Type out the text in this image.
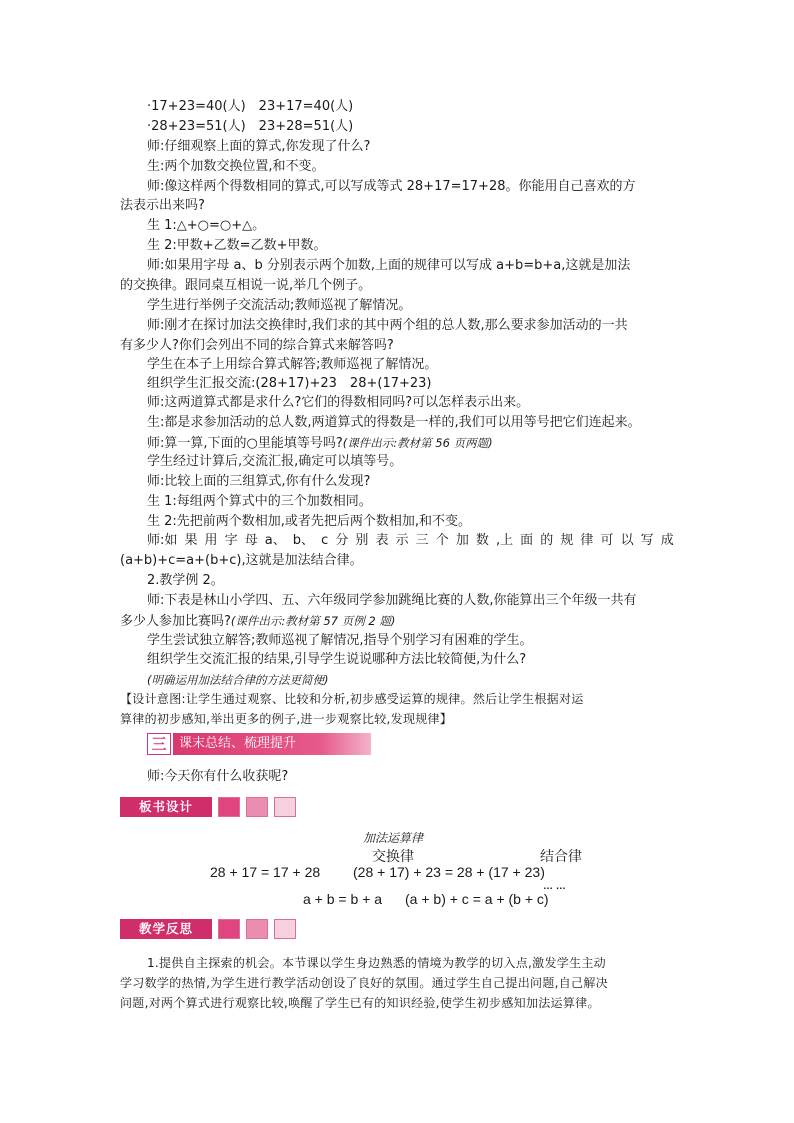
·17+23=40(人)　23+17=40(人)
·28+23=51(人)　23+28=51(人)
师:仔细观察上面的算式,你发现了什么?
生:两个加数交换位置,和不变。
师:像这样两个得数相同的算式,可以写成等式 28+17=17+28。你能用自己喜欢的方
法表示出来吗?
生 1:△+○=○+△。
生 2:甲数+乙数=乙数+甲数。
师:如果用字母 a、b 分别表示两个加数,上面的规律可以写成 a+b=b+a,这就是加法
的交换律。跟同桌互相说一说,举几个例子。
学生进行举例子交流活动;教师巡视了解情况。
师:刚才在探讨加法交换律时,我们求的其中两个组的总人数,那么要求参加活动的一共
有多少人?你们会列出不同的综合算式来解答吗?
学生在本子上用综合算式解答;教师巡视了解情况。
组织学生汇报交流:(28+17)+23　28+(17+23)
师:这两道算式都是求什么?它们的得数相同吗?可以怎样表示出来。
生:都是求参加活动的总人数,两道算式的得数是一样的,我们可以用等号把它们连起来。
师:算一算,下面的○里能填等号吗?(课件出示:教材第 56 页两题)
学生经过计算后,交流汇报,确定可以填等号。
师:比较上面的三组算式,你有什么发现?
生 1:每组两个算式中的三个加数相同。
生 2:先把前两个数相加,或者先把后两个数相加,和不变。
师:如 果 用 字 母 a、 b、 c 分 别 表 示 三 个 加 数 ,上 面 的 规 律 可 以 写 成
(a+b)+c=a+(b+c),这就是加法结合律。
2.教学例 2。
师:下表是林山小学四、五、六年级同学参加跳绳比赛的人数,你能算出三个年级一共有
多少人参加比赛吗?(课件出示:教材第 57 页例 2 题)
学生尝试独立解答;教师巡视了解情况,指导个别学习有困难的学生。
组织学生交流汇报的结果,引导学生说说哪种方法比较简便,为什么?
(明确运用加法结合律的方法更简便)
【设计意图:让学生通过观察、比较和分析,初步感受运算的规律。然后让学生根据对运
算律的初步感知,举出更多的例子,进一步观察比较,发现规律】
三 课末总结、梳理提升
师:今天你有什么收获呢?
板书设计
加法运算律
交换律	结合律
28 + 17 = 17 + 28 (28 + 17) + 23 = 28 + (17 + 23)
… …
a + b = b + a (a + b) + c = a + (b + c)
教学反思
1.提供自主探索的机会。本节课以学生身边熟悉的情境为教学的切入点,激发学生主动
学习数学的热情,为学生进行教学活动创设了良好的氛围。通过学生自己提出问题,自己解决
问题,对两个算式进行观察比较,唤醒了学生已有的知识经验,使学生初步感知加法运算律。
